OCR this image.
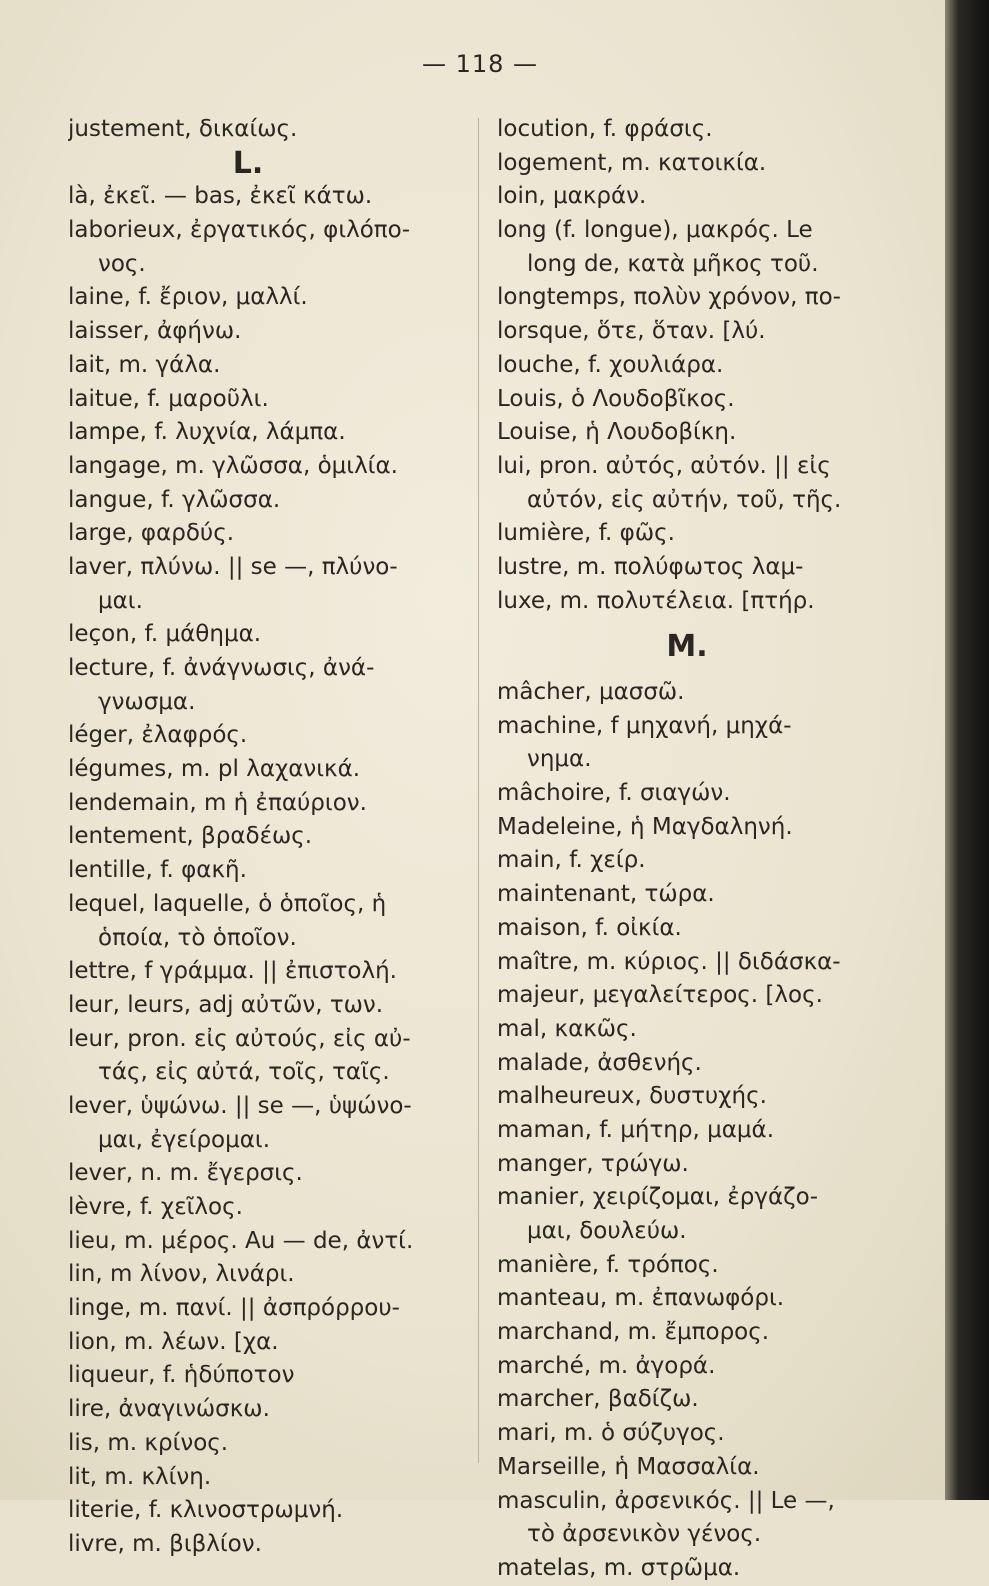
— 118 —
justement, δικαίως.
L.
là, ἐκεῖ. — bas, ἐκεῖ κάτω.
laborieux, ἐργατικός, φιλόπο-
νος.
laine, f. ἔριον, μαλλί.
laisser, ἀφήνω.
lait, m. γάλα.
laitue, f. μαροῦλι.
lampe, f. λυχνία, λάμπα.
langage, m. γλῶσσα, ὁμιλία.
langue, f. γλῶσσα.
large, φαρδύς.
laver, πλύνω. || se —, πλύνο-
μαι.
leçon, f. μάθημα.
lecture, f. ἀνάγνωσις, ἀνά-
γνωσμα.
léger, ἐλαφρός.
légumes, m. pl λαχανικά.
lendemain, m ἡ ἐπαύριον.
lentement, βραδέως.
lentille, f. φακῆ.
lequel, laquelle, ὁ ὁποῖος, ἡ
ὁποία, τὸ ὁποῖον.
lettre, f γράμμα. || ἐπιστολή.
leur, leurs, adj αὐτῶν, των.
leur, pron. εἰς αὐτούς, εἰς αὐ-
τάς, εἰς αὐτά, τοῖς, ταῖς.
lever, ὑψώνω. || se —, ὑψώνο-
μαι, ἐγείρομαι.
lever, n. m. ἔγερσις.
lèvre, f. χεῖλος.
lieu, m. μέρος. Au — de, ἀντί.
lin, m λίνον, λινάρι.
linge, m. πανί. || ἀσπρόρρου-
lion, m. λέων. [χα.
liqueur, f. ἡδύποτον
lire, ἀναγινώσκω.
lis, m. κρίνος.
lit, m. κλίνη.
literie, f. κλινοστρωμνή.
livre, m. βιβλίον.
locution, f. φράσις.
logement, m. κατοικία.
loin, μακράν.
long (f. longue), μακρός. Le
long de, κατὰ μῆκος τοῦ.
longtemps, πολὺν χρόνον, πο-
lorsque, ὅτε, ὅταν. [λύ.
louche, f. χουλιάρα.
Louis, ὁ Λουδοβῖκος.
Louise, ἡ Λουδοβίκη.
lui, pron. αὐτός, αὐτόν. || εἰς
αὐτόν, εἰς αὐτήν, τοῦ, τῆς.
lumière, f. φῶς.
lustre, m. πολύφωτος λαμ-
luxe, m. πολυτέλεια. [πτήρ.
M.
mâcher, μασσῶ.
machine, f μηχανή, μηχά-
νημα.
mâchoire, f. σιαγών.
Madeleine, ἡ Μαγδαληνή.
main, f. χείρ.
maintenant, τώρα.
maison, f. οἰκία.
maître, m. κύριος. || διδάσκα-
majeur, μεγαλείτερος. [λος.
mal, κακῶς.
malade, ἀσθενής.
malheureux, δυστυχής.
maman, f. μήτηρ, μαμά.
manger, τρώγω.
manier, χειρίζομαι, ἐργάζο-
μαι, δουλεύω.
manière, f. τρόπος.
manteau, m. ἐπανωφόρι.
marchand, m. ἔμπορος.
marché, m. ἀγορά.
marcher, βαδίζω.
mari, m. ὁ σύζυγος.
Marseille, ἡ Μασσαλία.
masculin, ἀρσενικός. || Le —,
τὸ ἀρσενικὸν γένος.
matelas, m. στρῶμα.
